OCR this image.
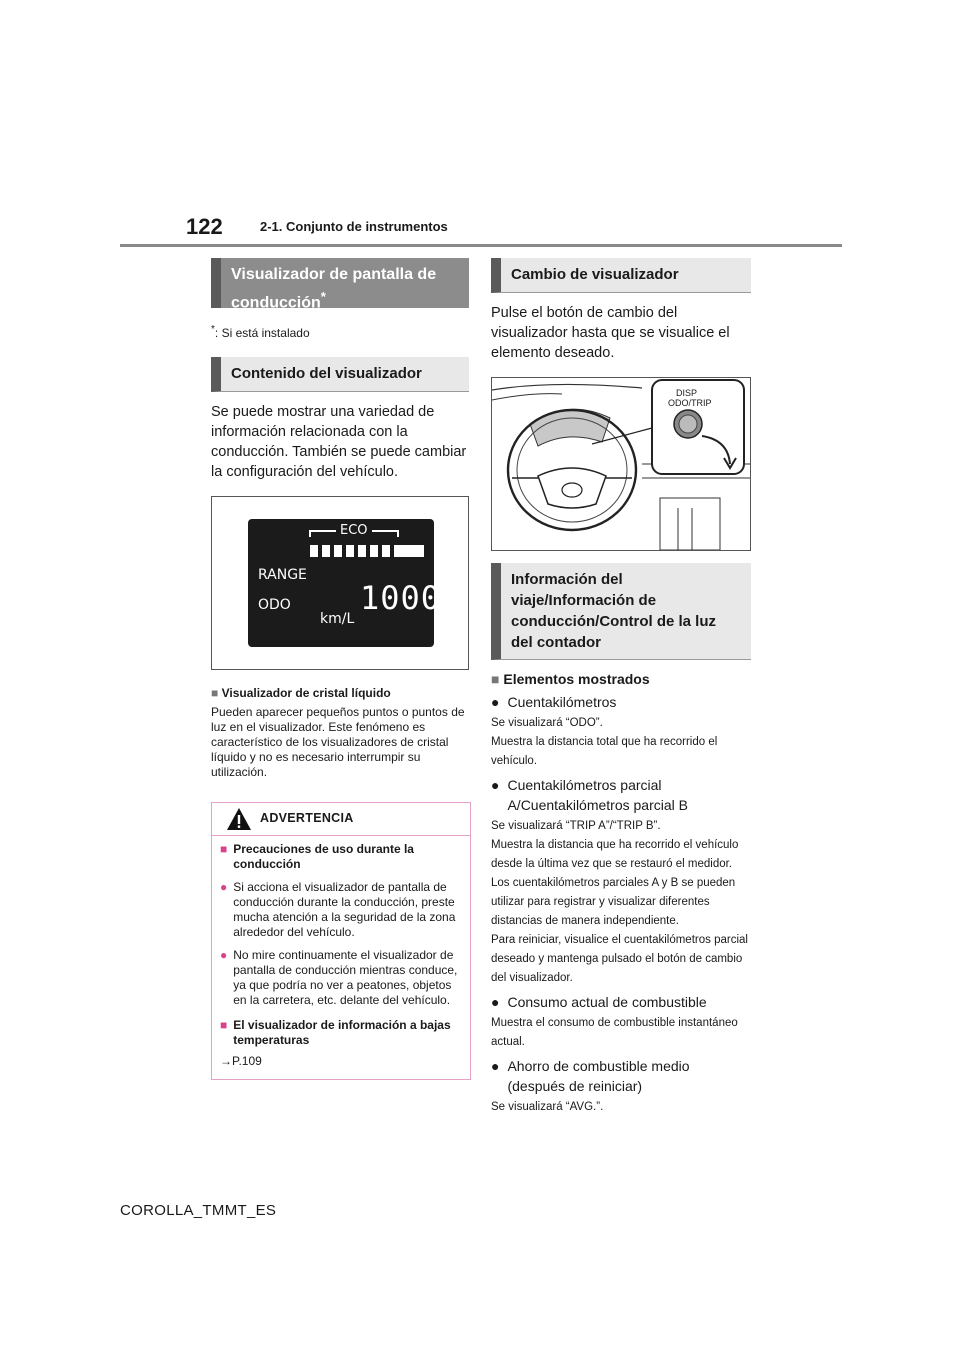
122	2-1. Conjunto de instrumentos
Visualizador de pantalla de conducción*
*: Si está instalado
Contenido del visualizador

Se puede mostrar una variedad de información relacionada con la conducción. También se puede cambiar la configuración del vehículo.

ECO
RANGE
ODO 1000
km/L
■ Visualizador de cristal líquido

Pueden aparecer pequeños puntos o puntos de luz en el visualizador. Este fenómeno es característico de los visualizadores de cristal líquido y no es necesario interrumpir su utilización.

ADVERTENCIA
■ Precauciones de uso durante la conducción
● Si acciona el visualizador de pantalla de conducción durante la conducción, preste mucha atención a la seguridad de la zona alrededor del vehículo.
● No mire continuamente el visualizador de pantalla de conducción mientras conduce, ya que podría no ver a peatones, objetos en la carretera, etc. delante del vehículo.
■ El visualizador de información a bajas temperaturas
→P.109
Cambio de visualizador

Pulse el botón de cambio del visualizador hasta que se visualice el elemento deseado.

DISP
ODO/TRIP
Información del viaje/Información de conducción/Control de la luz del contador
■ Elementos mostrados
● Cuentakilómetros

Se visualizará “ODO”.

Muestra la distancia total que ha recorrido el vehículo.

● Cuentakilómetros parcial A/Cuentakilómetros parcial B

Se visualizará “TRIP A”/“TRIP B”.

Muestra la distancia que ha recorrido el vehículo desde la última vez que se restauró el medidor. Los cuentakilómetros parciales A y B se pueden utilizar para registrar y visualizar diferentes distancias de manera independiente.

Para reiniciar, visualice el cuentakilómetros parcial deseado y mantenga pulsado el botón de cambio del visualizador.

● Consumo actual de combustible

Muestra el consumo de combustible instantáneo actual.

● Ahorro de combustible medio (después de reiniciar)

Se visualizará “AVG.”.

COROLLA_TMMT_ES
